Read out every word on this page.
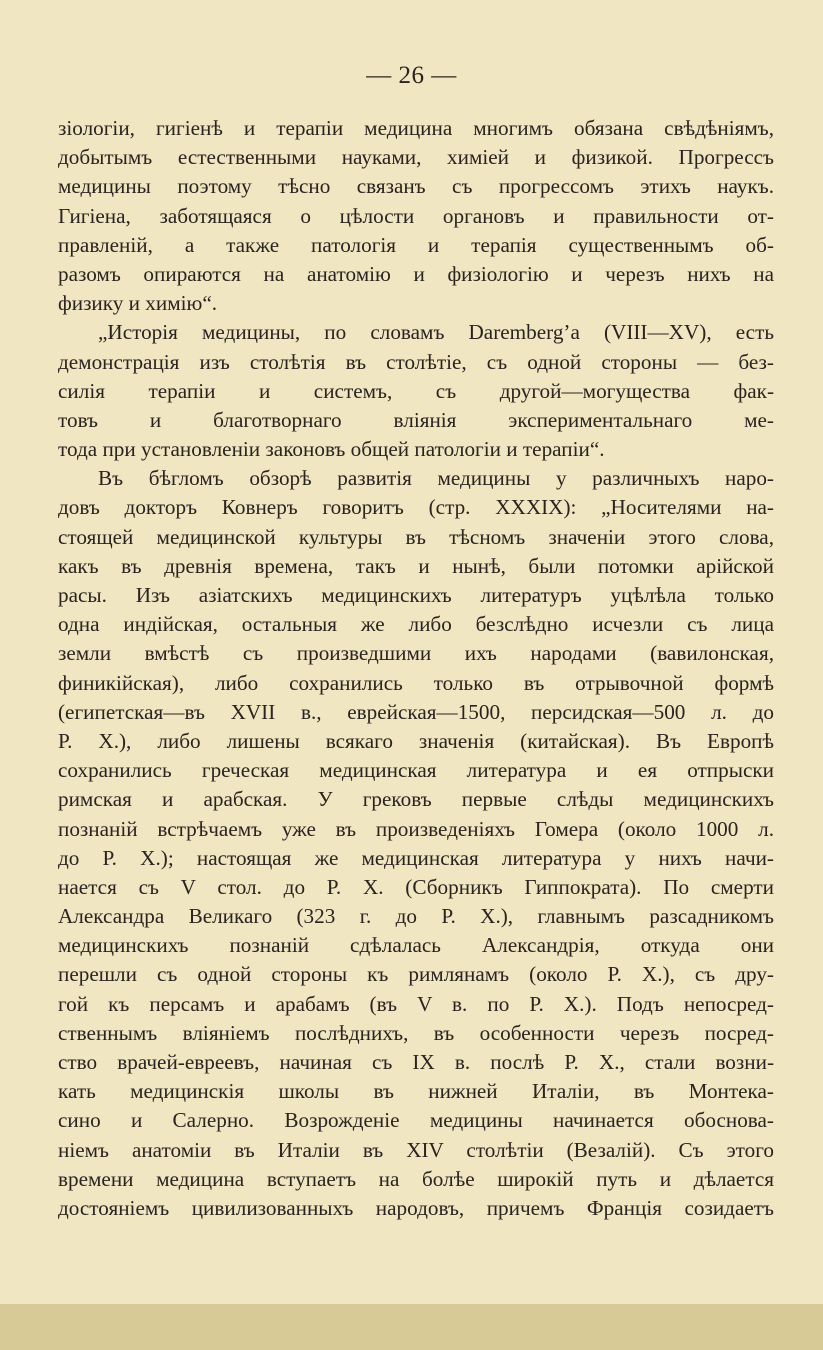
— 26 —
зіологіи, гигіенѣ и терапіи медицина многимъ обязана свѣдѣніямъ,
добытымъ естественными науками, химіей и физикой. Прогрессъ
медицины поэтому тѣсно связанъ съ прогрессомъ этихъ наукъ.
Гигiена, заботящаяся о цѣлости органовъ и правильности от-
правленій, а также патологія и терапія существеннымъ об-
разомъ опираются на анатомію и физіологію и черезъ нихъ на
физику и химію“.
„Исторія медицины, по словамъ Daremberg’a (VIII—XV), есть
демонстрація изъ столѣтія въ столѣтіе, съ одной стороны — без-
силія терапіи и системъ, съ другой—могущества фак-
товъ и благотворнаго вліянія экспериментальнаго ме-
тода при установленіи законовъ общей патологіи и терапіи“.
Въ бѣгломъ обзорѣ развитія медицины у различныхъ наро-
довъ докторъ Ковнеръ говоритъ (стр. XXXIX): „Носителями на-
стоящей медицинской культуры въ тѣсномъ значеніи этого слова,
какъ въ древнія времена, такъ и нынѣ, были потомки арійской
расы. Изъ азіатскихъ медицинскихъ литературъ уцѣлѣла только
одна индійская, остальныя же либо безслѣдно исчезли съ лица
земли вмѣстѣ съ произведшими ихъ народами (вавилонская,
финикійская), либо сохранились только въ отрывочной формѣ
(египетская—въ XVII в., еврейская—1500, персидская—500 л. до
Р. Х.), либо лишены всякаго значенія (китайская). Въ Европѣ
сохранились греческая медицинская литература и ея отпрыски
римская и арабская. У грековъ первые слѣды медицинскихъ
познаній встрѣчаемъ уже въ произведеніяхъ Гомера (около 1000 л.
до Р. Х.); настоящая же медицинская литература у нихъ начи-
нается съ V стол. до Р. Х. (Сборникъ Гиппократа). По смерти
Александра Великаго (323 г. до Р. Х.), главнымъ разсадникомъ
медицинскихъ познаній сдѣлалась Александрія, откуда они
перешли съ одной стороны къ римлянамъ (около Р. Х.), съ дру-
гой къ персамъ и арабамъ (въ V в. по Р. Х.). Подъ непосред-
ственнымъ вліяніемъ послѣднихъ, въ особенности черезъ посред-
ство врачей-евреевъ, начиная съ IX в. послѣ Р. Х., стали возни-
кать медицинскія школы въ нижней Италіи, въ Монтека-
сино и Салерно. Возрожденіе медицины начинается обоснова-
ніемъ анатоміи въ Италіи въ XIV столѣтіи (Везалій). Съ этого
времени медицина вступаетъ на болѣе широкій путь и дѣлается
достояніемъ цивилизованныхъ народовъ, причемъ Франція созидаетъ
